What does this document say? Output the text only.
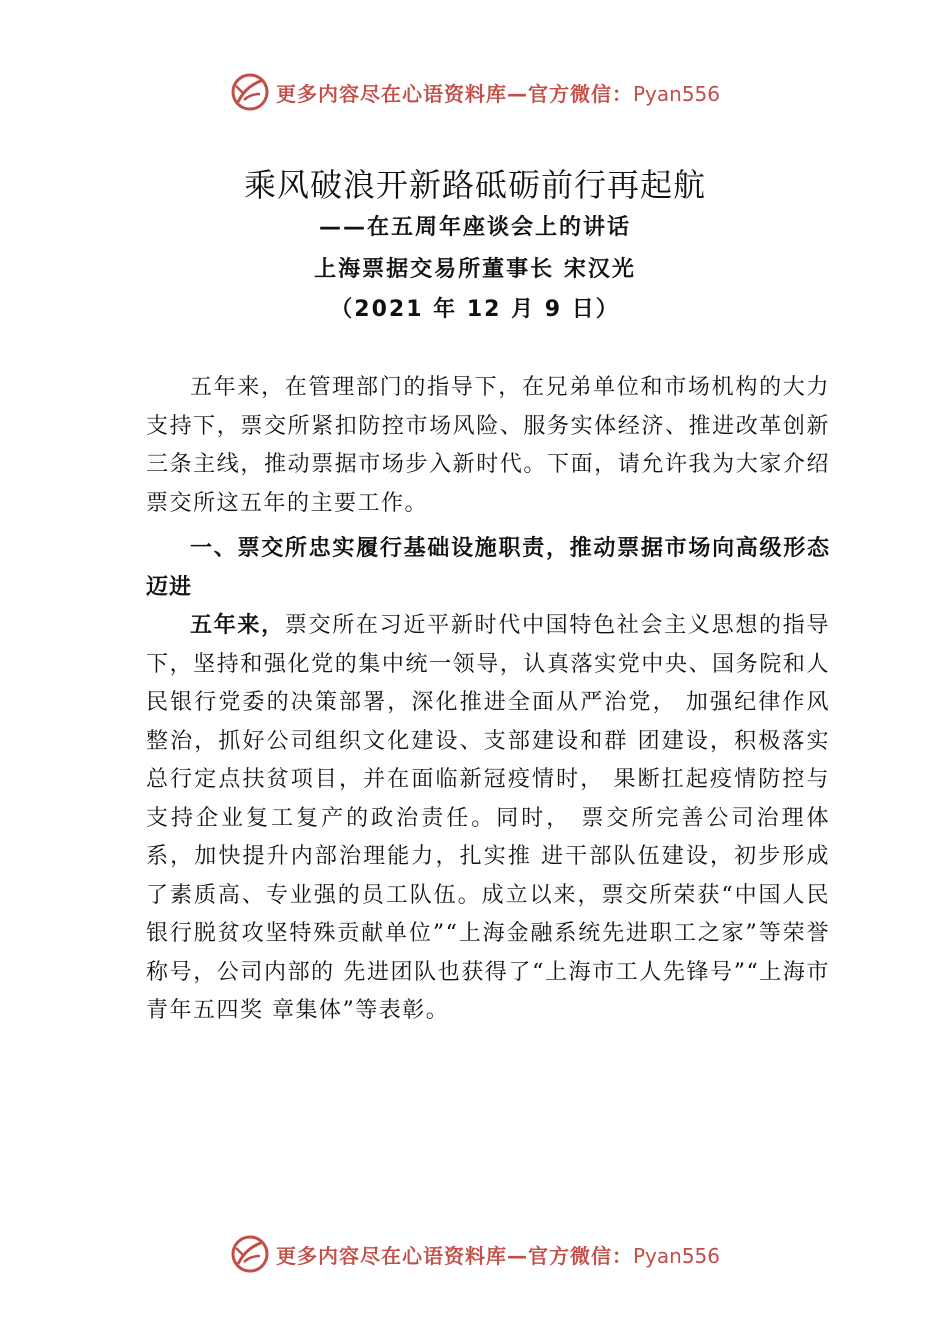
更多内容尽在心语资料库—官方微信：Pyan556
乘风破浪开新路砥砺前行再起航
——在五周年座谈会上的讲话
上海票据交易所董事长 宋汉光
（2021 年 12 月 9 日）

五年来，在管理部门的指导下，在兄弟单位和市场机构的大力支持下，票交所紧扣防控市场风险、服务实体经济、推进改革创新三条主线，推动票据市场步入新时代。下面，请允许我为大家介绍票交所这五年的主要工作。

一、票交所忠实履行基础设施职责，推动票据市场向高级形态迈进

五年来，票交所在习近平新时代中国特色社会主义思想的指导下，坚持和强化党的集中统一领导，认真落实党中央、国务院和人民银行党委的决策部署，深化推进全面从严治党， 加强纪律作风整治，抓好公司组织文化建设、支部建设和群 团建设，积极落实总行定点扶贫项目，并在面临新冠疫情时， 果断扛起疫情防控与支持企业复工复产的政治责任。同时， 票交所完善公司治理体系，加快提升内部治理能力，扎实推 进干部队伍建设，初步形成了素质高、专业强的员工队伍。成立以来，票交所荣获“中国人民银行脱贫攻坚特殊贡献单位”“上海金融系统先进职工之家”等荣誉称号，公司内部的 先进团队也获得了“上海市工人先锋号”“上海市青年五四奖 章集体”等表彰。

更多内容尽在心语资料库—官方微信：Pyan556
